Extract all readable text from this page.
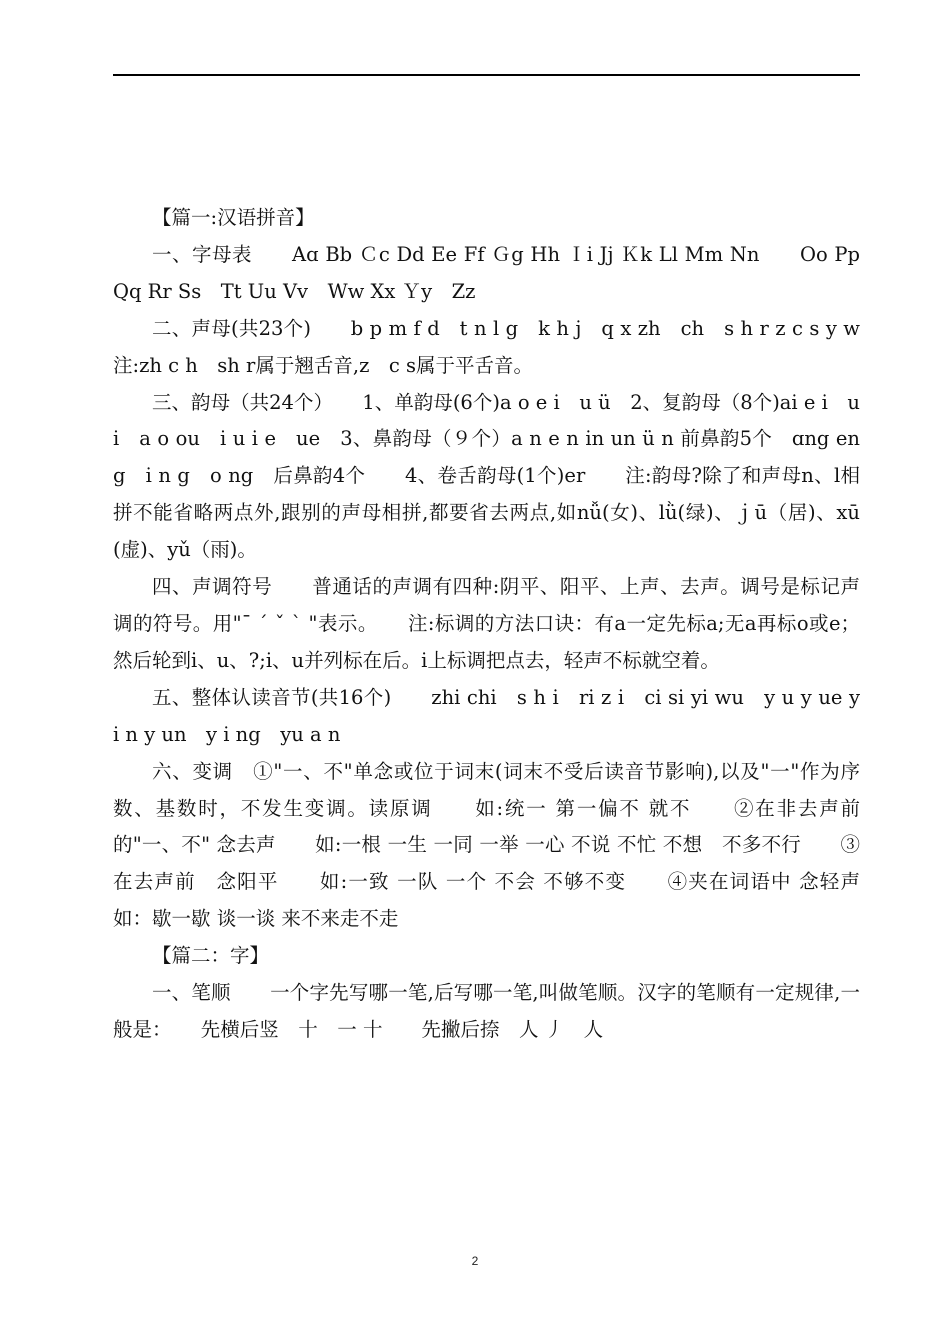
【篇一:汉语拼音】

一、字母表　　Aɑ Bb Ｃc Dd Ee Ff Ｇg Hh Ｉi Jj Ｋk Ll Mm Nn　　Oo Pp Qq Rr Ss　Tt Uu Vv　Ww Xx Ｙy　Zz

二、声母(共23个)　　b p m f d　t n l g　k h j　q x zh　ch　s h r z c s y w　注:zh c h　sh r属于翘舌音,z　c s属于平舌音。

三、韵母（共24个）　　1、单韵母(6个)a o e i　u ü　2、复韵母（8个)ai e i　u i　a o ou　i u i e　ue　3、鼻韵母（９个）a n e n in un ü n 前鼻韵5个　ɑng eng　i n g　o ng　后鼻韵4个　　4、卷舌韵母(1个)er　　注:韵母?除了和声母n、l相拼不能省略两点外,跟别的声母相拼,都要省去两点,如nǚ(女)、lǜ(绿)、ｊū（居)、xū(虚)、yǔ（雨)。

四、声调符号　　普通话的声调有四种:阴平、阳平、上声、去声。调号是标记声调的符号。用"ˉ ˊ ˇ ˋ "表示。　　注:标调的方法口诀：有a一定先标a;无a再标o或e；然后轮到i、u、?;i、u并列标在后。i上标调把点去，轻声不标就空着。

五、整体认读音节(共16个)　　zhi chi　s h i　ri z i　ci si yi wu　y u y ue y i n y un　y i ng　yu a n

六、变调　①"一、不"单念或位于词末(词末不受后读音节影响),以及"一"作为序数、基数时，不发生变调。读原调　　如:统一 第一偏不 就不　　②在非去声前的"一、不" 念去声　　如:一根 一生 一同 一举 一心 不说 不忙 不想　不多不行　　③在去声前　念阳平　　如:一致 一队 一个 不会 不够不变　　④夹在词语中 念轻声　　如：歇一歇 谈一谈 来不来走不走

【篇二：字】

一、笔顺　　一个字先写哪一笔,后写哪一笔,叫做笔顺。汉字的笔顺有一定规律,一般是：　　先横后竖　十　一 十　　先撇后捺　人 丿　人

2
